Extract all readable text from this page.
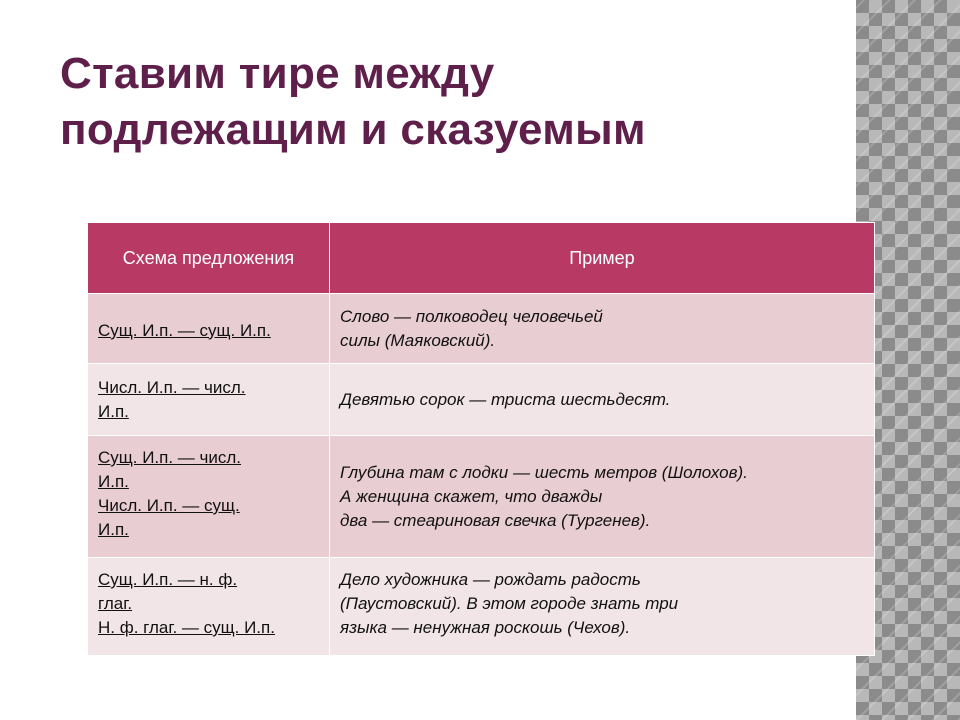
Ставим тире между
подлежащим и сказуемым
Схема предложения	Пример

Сущ. И.п. — сущ. И.п.	Слово — полководец человечьей
силы (Маяковский).

Числ. И.п. — числ.
И.п.	Девятью сорок — триста шестьдесят.

Сущ. И.п. — числ.
И.п.
Числ. И.п. — сущ.
И.п.	Глубина там с лодки — шесть метров (Шолохов).
А женщина скажет, что дважды
два — стеариновая свечка (Тургенев).

Сущ. И.п. — н. ф.
глаг.
Н. ф. глаг. — сущ. И.п.	Дело художника — рождать радость
(Паустовский). В этом городе знать три
языка — ненужная роскошь (Чехов).
